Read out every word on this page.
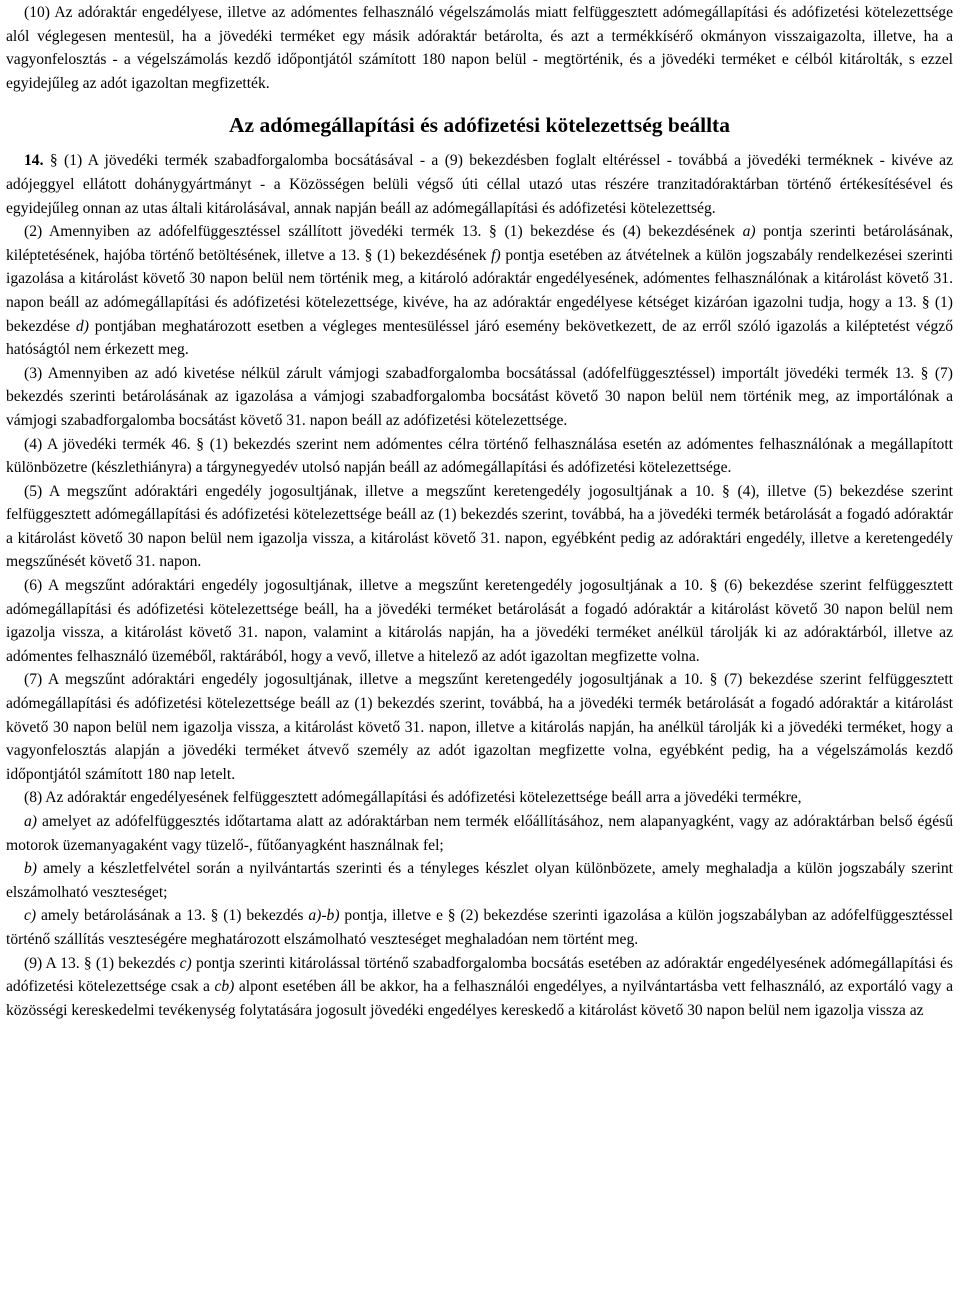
(10) Az adóraktár engedélyese, illetve az adómentes felhasználó végelszámolás miatt felfüggesztett adómegállapítási és adófizetési kötelezettsége alól véglegesen mentesül, ha a jövedéki terméket egy másik adóraktár betárolta, és azt a termékkísérő okmányon visszaigazolta, illetve, ha a vagyonfelosztás - a végelszámolás kezdő időpontjától számított 180 napon belül - megtörténik, és a jövedéki terméket e célból kitárolták, s ezzel egyidejűleg az adót igazoltan megfizették.

Az adómegállapítási és adófizetési kötelezettség beállta

14. § (1) A jövedéki termék szabadforgalomba bocsátásával - a (9) bekezdésben foglalt eltéréssel - továbbá a jövedéki terméknek - kivéve az adójeggyel ellátott dohánygyártmányt - a Közösségen belüli végső úti céllal utazó utas részére tranzitadóraktárban történő értékesítésével és egyidejűleg onnan az utas általi kitárolásával, annak napján beáll az adómegállapítási és adófizetési kötelezettség.

(2) Amennyiben az adófelfüggesztéssel szállított jövedéki termék 13. § (1) bekezdése és (4) bekezdésének a) pontja szerinti betárolásának, kiléptetésének, hajóba történő betöltésének, illetve a 13. § (1) bekezdésének f) pontja esetében az átvételnek a külön jogszabály rendelkezései szerinti igazolása a kitárolást követő 30 napon belül nem történik meg, a kitároló adóraktár engedélyesének, adómentes felhasználónak a kitárolást követő 31. napon beáll az adómegállapítási és adófizetési kötelezettsége, kivéve, ha az adóraktár engedélyese kétséget kizáróan igazolni tudja, hogy a 13. § (1) bekezdése d) pontjában meghatározott esetben a végleges mentesüléssel járó esemény bekövetkezett, de az erről szóló igazolás a kiléptetést végző hatóságtól nem érkezett meg.

(3) Amennyiben az adó kivetése nélkül zárult vámjogi szabadforgalomba bocsátással (adófelfüggesztéssel) importált jövedéki termék 13. § (7) bekezdés szerinti betárolásának az igazolása a vámjogi szabadforgalomba bocsátást követő 30 napon belül nem történik meg, az importálónak a vámjogi szabadforgalomba bocsátást követő 31. napon beáll az adófizetési kötelezettsége.

(4) A jövedéki termék 46. § (1) bekezdés szerint nem adómentes célra történő felhasználása esetén az adómentes felhasználónak a megállapított különbözetre (készlethiányra) a tárgynegyedév utolsó napján beáll az adómegállapítási és adófizetési kötelezettsége.

(5) A megszűnt adóraktári engedély jogosultjának, illetve a megszűnt keretengedély jogosultjának a 10. § (4), illetve (5) bekezdése szerint felfüggesztett adómegállapítási és adófizetési kötelezettsége beáll az (1) bekezdés szerint, továbbá, ha a jövedéki termék betárolását a fogadó adóraktár a kitárolást követő 30 napon belül nem igazolja vissza, a kitárolást követő 31. napon, egyébként pedig az adóraktári engedély, illetve a keretengedély megszűnését követő 31. napon.

(6) A megszűnt adóraktári engedély jogosultjának, illetve a megszűnt keretengedély jogosultjának a 10. § (6) bekezdése szerint felfüggesztett adómegállapítási és adófizetési kötelezettsége beáll, ha a jövedéki terméket betárolását a fogadó adóraktár a kitárolást követő 30 napon belül nem igazolja vissza, a kitárolást követő 31. napon, valamint a kitárolás napján, ha a jövedéki terméket anélkül tárolják ki az adóraktárból, illetve az adómentes felhasználó üzeméből, raktárából, hogy a vevő, illetve a hitelező az adót igazoltan megfizette volna.

(7) A megszűnt adóraktári engedély jogosultjának, illetve a megszűnt keretengedély jogosultjának a 10. § (7) bekezdése szerint felfüggesztett adómegállapítási és adófizetési kötelezettsége beáll az (1) bekezdés szerint, továbbá, ha a jövedéki termék betárolását a fogadó adóraktár a kitárolást követő 30 napon belül nem igazolja vissza, a kitárolást követő 31. napon, illetve a kitárolás napján, ha anélkül tárolják ki a jövedéki terméket, hogy a vagyonfelosztás alapján a jövedéki terméket átvevő személy az adót igazoltan megfizette volna, egyébként pedig, ha a végelszámolás kezdő időpontjától számított 180 nap letelt.

(8) Az adóraktár engedélyesének felfüggesztett adómegállapítási és adófizetési kötelezettsége beáll arra a jövedéki termékre,

a) amelyet az adófelfüggesztés időtartama alatt az adóraktárban nem termék előállításához, nem alapanyagként, vagy az adóraktárban belső égésű motorok üzemanyagaként vagy tüzelő-, fűtőanyagként használnak fel;

b) amely a készletfelvétel során a nyilvántartás szerinti és a tényleges készlet olyan különbözete, amely meghaladja a külön jogszabály szerint elszámolható veszteséget;

c) amely betárolásának a 13. § (1) bekezdés a)-b) pontja, illetve e § (2) bekezdése szerinti igazolása a külön jogszabályban az adófelfüggesztéssel történő szállítás veszteségére meghatározott elszámolható veszteséget meghaladóan nem történt meg.

(9) A 13. § (1) bekezdés c) pontja szerinti kitárolással történő szabadforgalomba bocsátás esetében az adóraktár engedélyesének adómegállapítási és adófizetési kötelezettsége csak a cb) alpont esetében áll be akkor, ha a felhasználói engedélyes, a nyilvántartásba vett felhasználó, az exportáló vagy a közösségi kereskedelmi tevékenység folytatására jogosult jövedéki engedélyes kereskedő a kitárolást követő 30 napon belül nem igazolja vissza az
